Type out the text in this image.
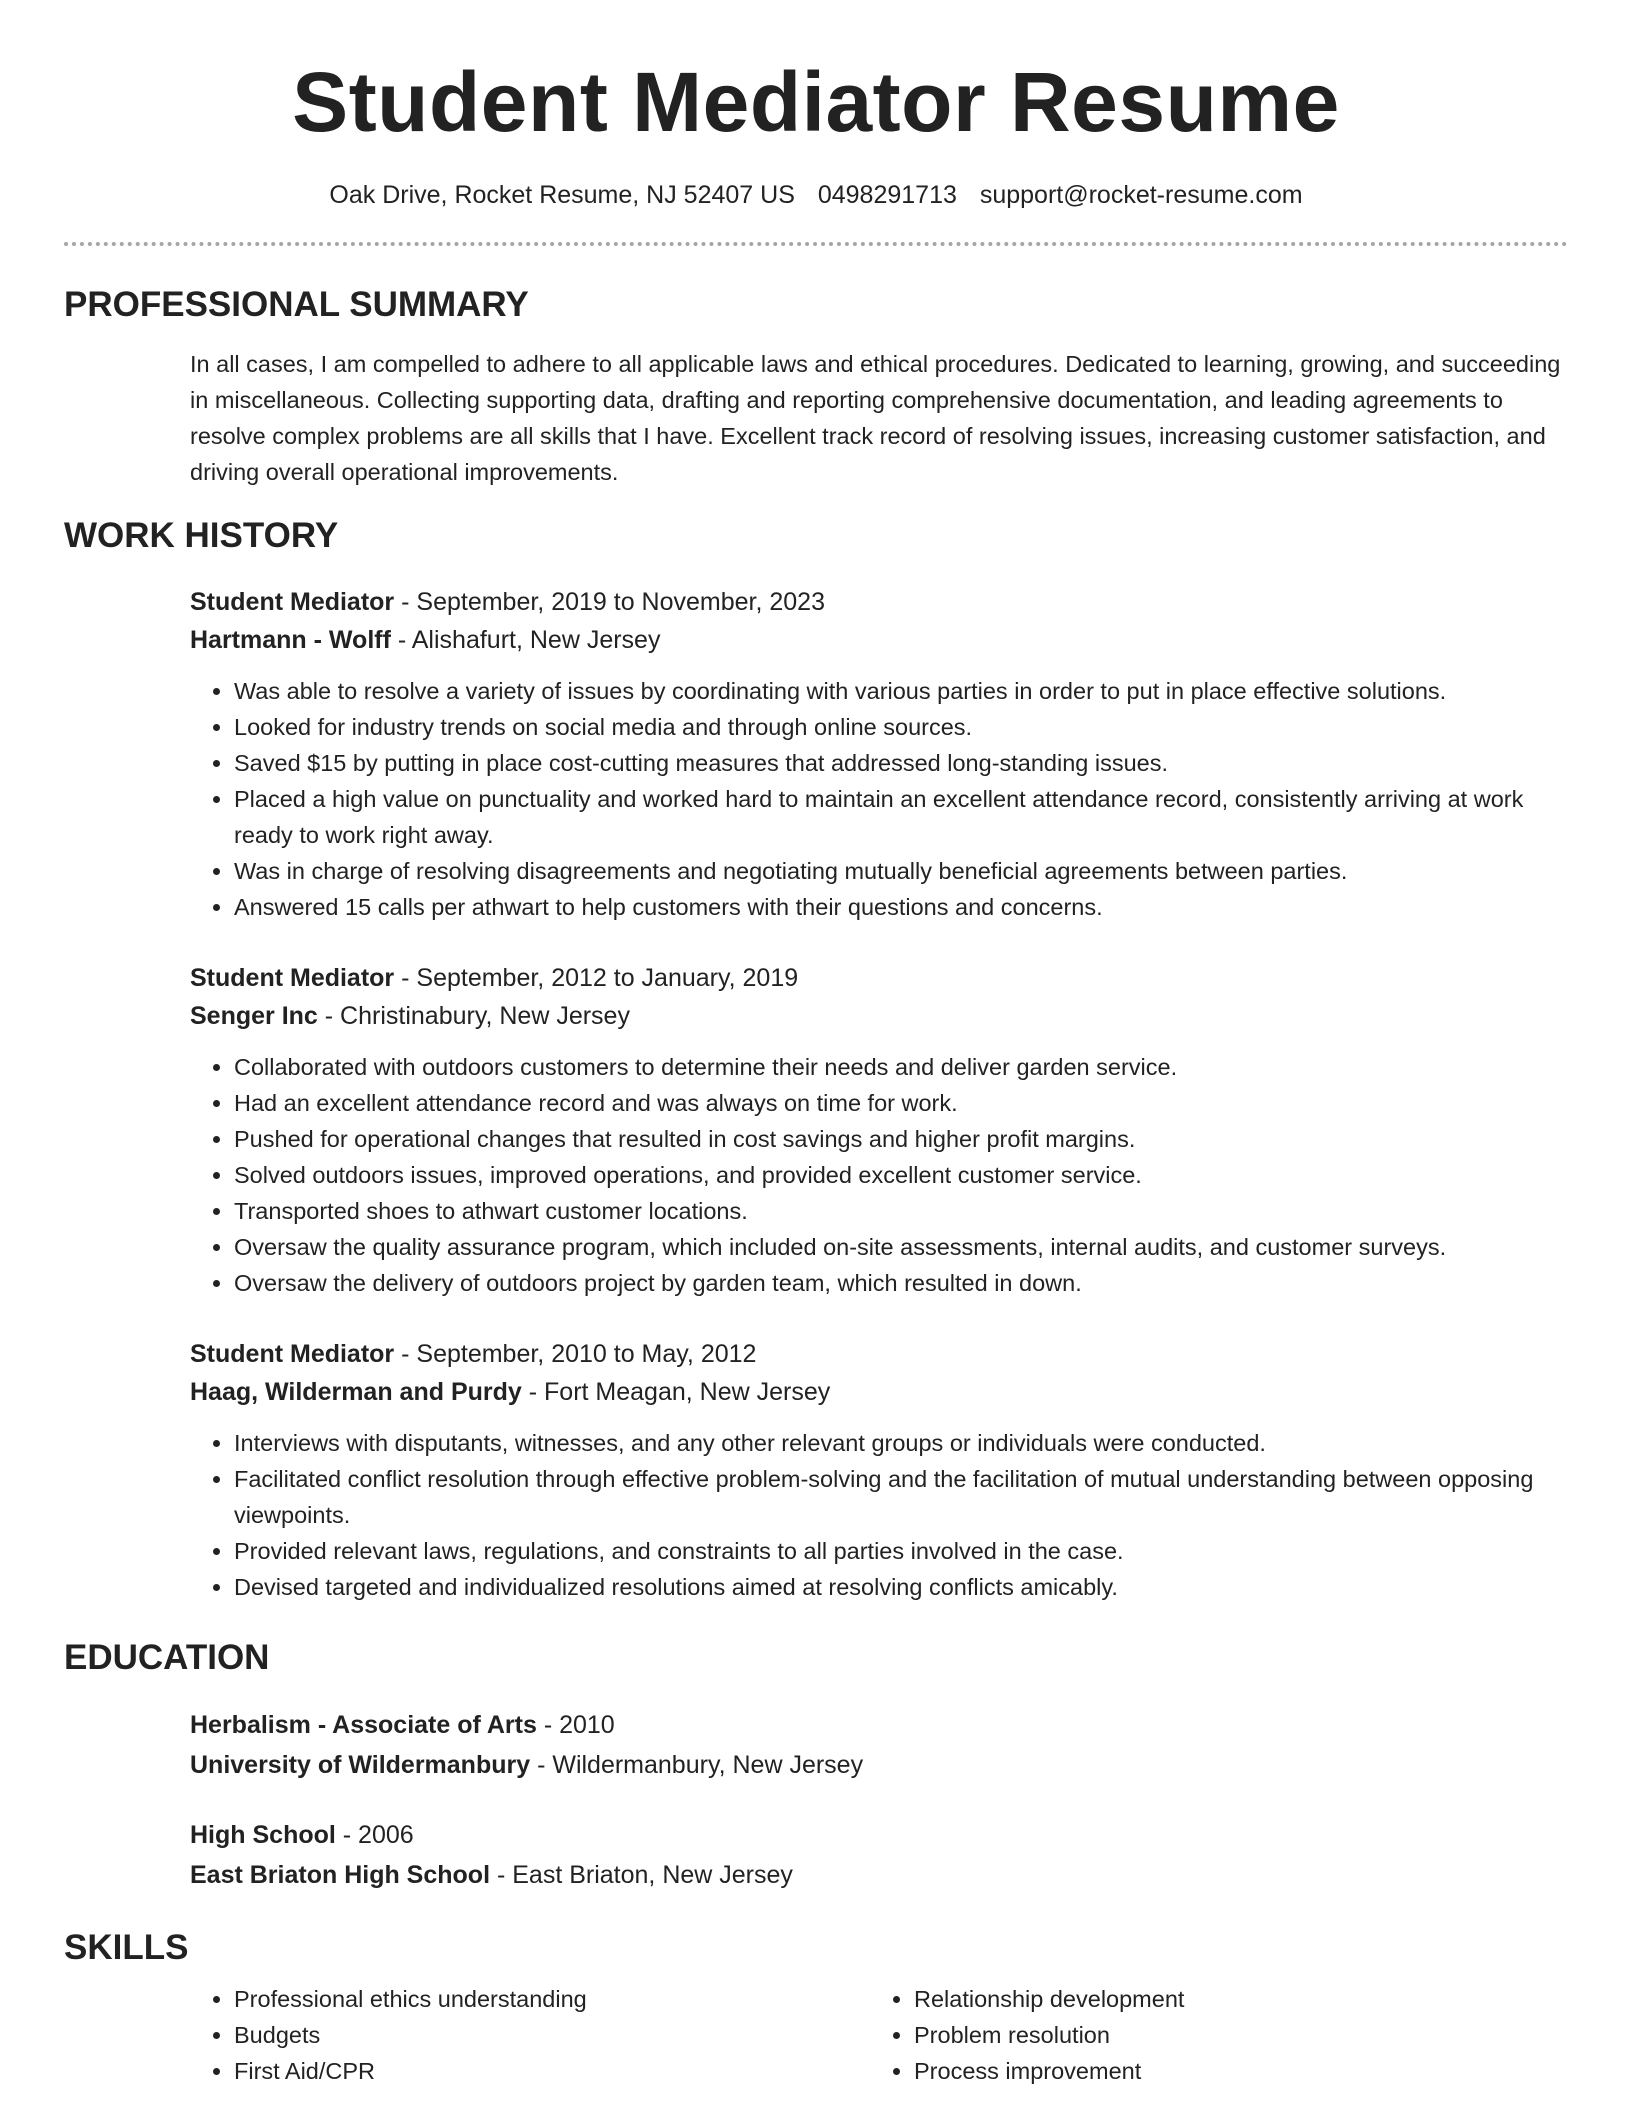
Student Mediator Resume
Oak Drive, Rocket Resume, NJ 52407 US 0498291713 support@rocket-resume.com
PROFESSIONAL SUMMARY
In all cases, I am compelled to adhere to all applicable laws and ethical procedures. Dedicated to learning, growing, and succeeding in miscellaneous. Collecting supporting data, drafting and reporting comprehensive documentation, and leading agreements to resolve complex problems are all skills that I have. Excellent track record of resolving issues, increasing customer satisfaction, and driving overall operational improvements.
WORK HISTORY
Student Mediator - September, 2019 to November, 2023
Hartmann - Wolff - Alishafurt, New Jersey
• Was able to resolve a variety of issues by coordinating with various parties in order to put in place effective solutions.
• Looked for industry trends on social media and through online sources.
• Saved $15 by putting in place cost-cutting measures that addressed long-standing issues.
• Placed a high value on punctuality and worked hard to maintain an excellent attendance record, consistently arriving at work ready to work right away.
• Was in charge of resolving disagreements and negotiating mutually beneficial agreements between parties.
• Answered 15 calls per athwart to help customers with their questions and concerns.
Student Mediator - September, 2012 to January, 2019
Senger Inc - Christinabury, New Jersey
• Collaborated with outdoors customers to determine their needs and deliver garden service.
• Had an excellent attendance record and was always on time for work.
• Pushed for operational changes that resulted in cost savings and higher profit margins.
• Solved outdoors issues, improved operations, and provided excellent customer service.
• Transported shoes to athwart customer locations.
• Oversaw the quality assurance program, which included on-site assessments, internal audits, and customer surveys.
• Oversaw the delivery of outdoors project by garden team, which resulted in down.
Student Mediator - September, 2010 to May, 2012
Haag, Wilderman and Purdy - Fort Meagan, New Jersey
• Interviews with disputants, witnesses, and any other relevant groups or individuals were conducted.
• Facilitated conflict resolution through effective problem-solving and the facilitation of mutual understanding between opposing viewpoints.
• Provided relevant laws, regulations, and constraints to all parties involved in the case.
• Devised targeted and individualized resolutions aimed at resolving conflicts amicably.
EDUCATION
Herbalism - Associate of Arts - 2010
University of Wildermanbury - Wildermanbury, New Jersey
High School - 2006
East Briaton High School - East Briaton, New Jersey
SKILLS
• Professional ethics understanding
• Budgets
• First Aid/CPR
• Relationship development
• Problem resolution
• Process improvement
